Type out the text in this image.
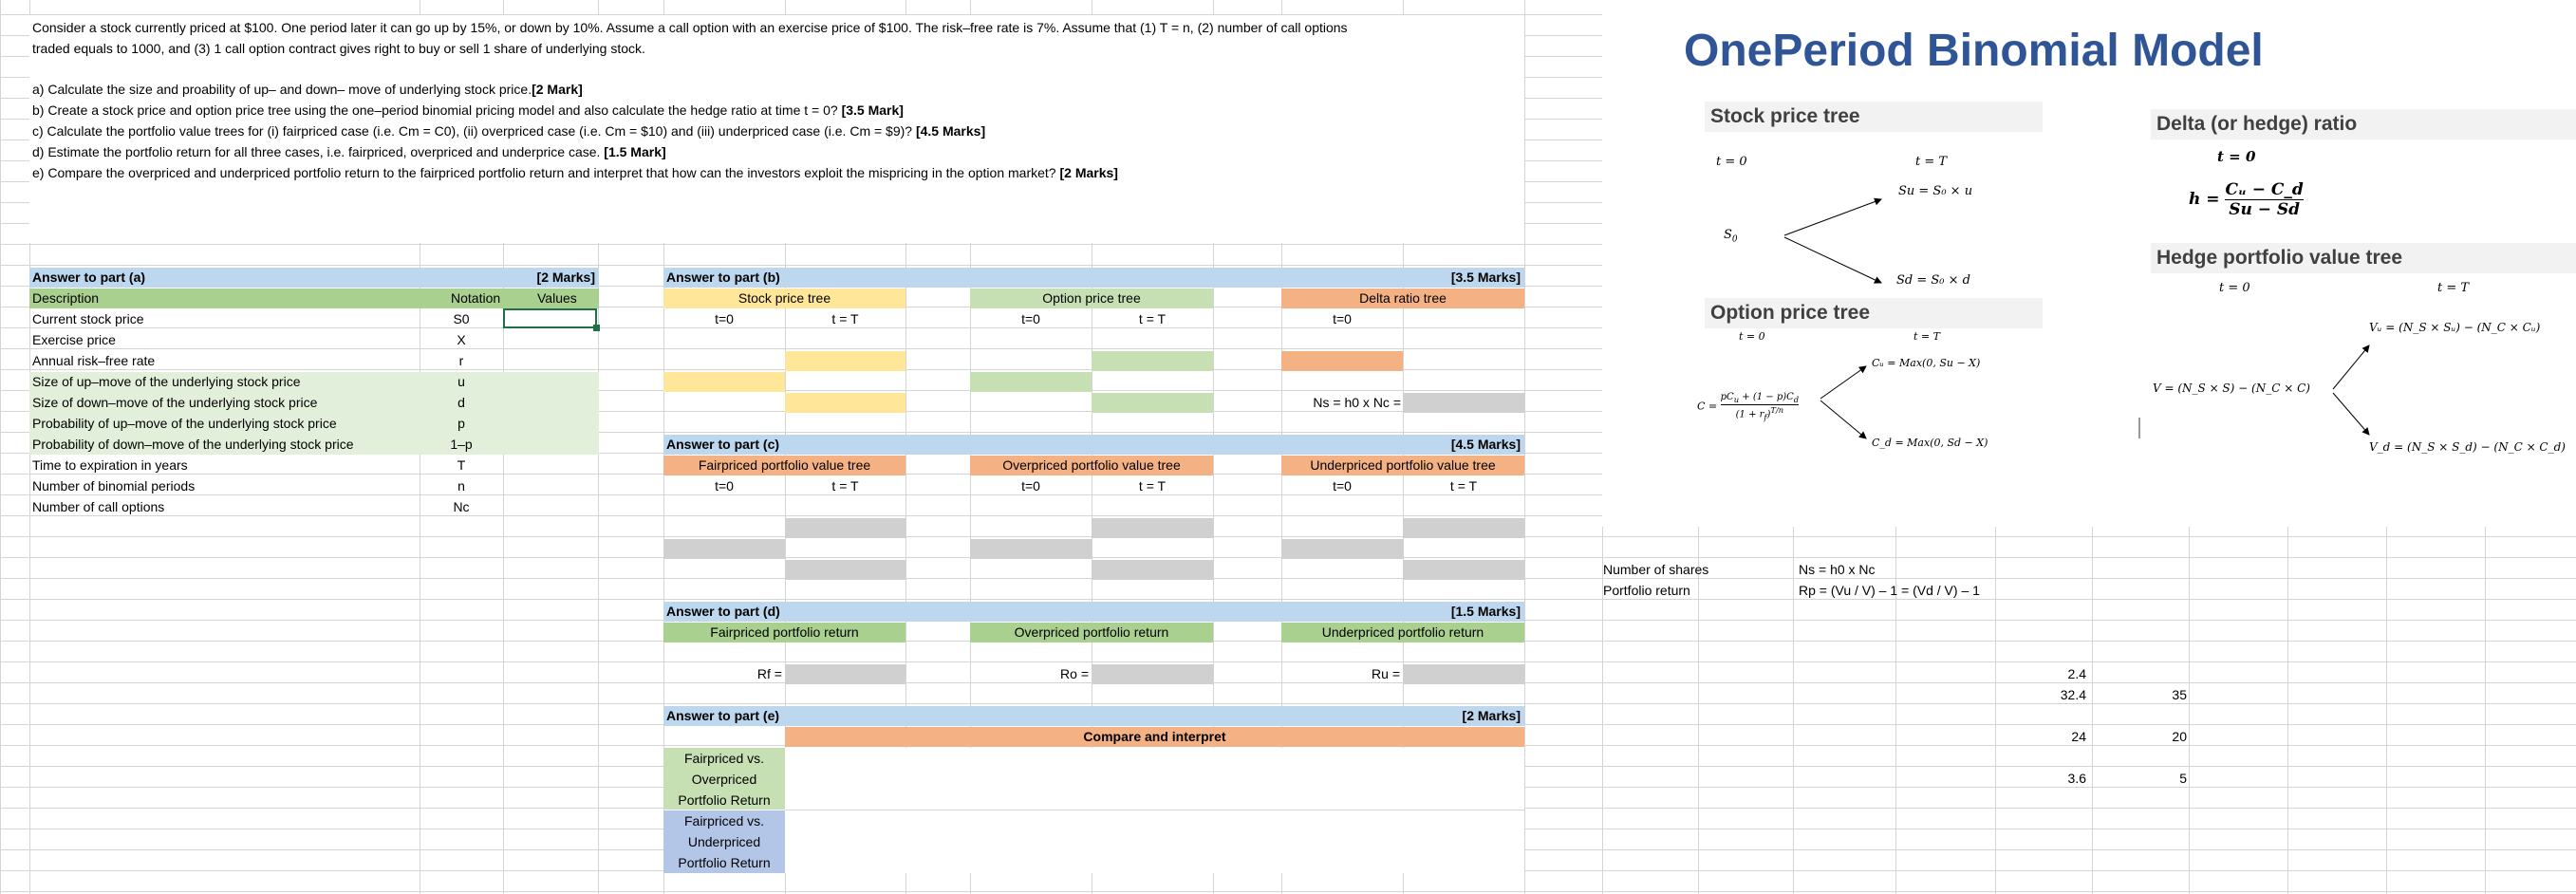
Consider a stock currently priced at $100. One period later it can go up by 15%, or down by 10%. Assume a call option with an exercise price of $100. The risk–free rate is 7%. Assume that (1) T = n, (2) number of call options
traded equals to 1000, and (3) 1 call option contract gives right to buy or sell 1 share of underlying stock.
a) Calculate the size and proability of up– and down– move of underlying stock price.[2 Mark]
b) Create a stock price and option price tree using the one–period binomial pricing model and also calculate the hedge ratio at time t = 0? [3.5 Mark]
c) Calculate the portfolio value trees for (i) fairpriced case (i.e. Cm = C0), (ii) overpriced case (i.e. Cm = $10) and (iii) underpriced case (i.e. Cm = $9)? [4.5 Marks]
d) Estimate the portfolio return for all three cases, i.e. fairpriced, overpriced and underprice case. [1.5 Mark]
e) Compare the overpriced and underpriced portfolio return to the fairpriced portfolio return and interpret that how can the investors exploit the mispricing in the option market? [2 Marks]
Answer to part (a)	[2 Marks]
Description	Notation	Values
Current stock price	S0
Exercise price	X
Annual risk–free rate	r
Size of up–move of the underlying stock price	u
Size of down–move of the underlying stock price	d
Probability of up–move of the underlying stock price	p
Probability of down–move of the underlying stock price	1–p
Time to expiration in years	T
Number of binomial periods	n
Number of call options	Nc
Answer to part (b)	[3.5 Marks]
Stock price tree	Option price tree	Delta ratio tree
t=0	t = T	t=0	t = T	t=0
Ns = h0 x Nc =
Answer to part (c)	[4.5 Marks]
Fairpriced portfolio value tree	Overpriced portfolio value tree	Underpriced portfolio value tree
t=0	t = T	t=0	t = T	t=0	t = T
Answer to part (d)	[1.5 Marks]
Fairpriced portfolio return	Overpriced portfolio return	Underpriced portfolio return
Rf =	Ro =	Ru =
Answer to part (e)	[2 Marks]
Compare and interpret
Fairpriced vs.
Overpriced
Portfolio Return
Fairpriced vs.
Underpriced
Portfolio Return
OnePeriod Binomial Model
Stock price tree
t = 0	t = T
$S_0$
Su = S₀ × u
Sd = S₀ × d
Option price tree
t = 0	t = T
Cᵤ = Max(0, Su − X)
C_d = Max(0, Sd − X)
C =
$pC_u + (1 - p)C_d$
$(1 + r_f)^{T/n}$
Delta (or hedge) ratio
t = 0
$h = \frac{\text{Cᵤ − C\_d}}{Su - Sd}$
Hedge portfolio value tree
t = 0	t = T
V = (N_S × S) − (N_C × C)
Vᵤ = (N_S × Sᵤ) − (N_C × Cᵤ)
V_d = (N_S × S_d) − (N_C × C_d)
Number of shares	Ns = h0 x Nc
Portfolio return	Rp = (Vu / V) – 1 = (Vd / V) – 1
2.4
32.4	35
24	20
3.6	5
